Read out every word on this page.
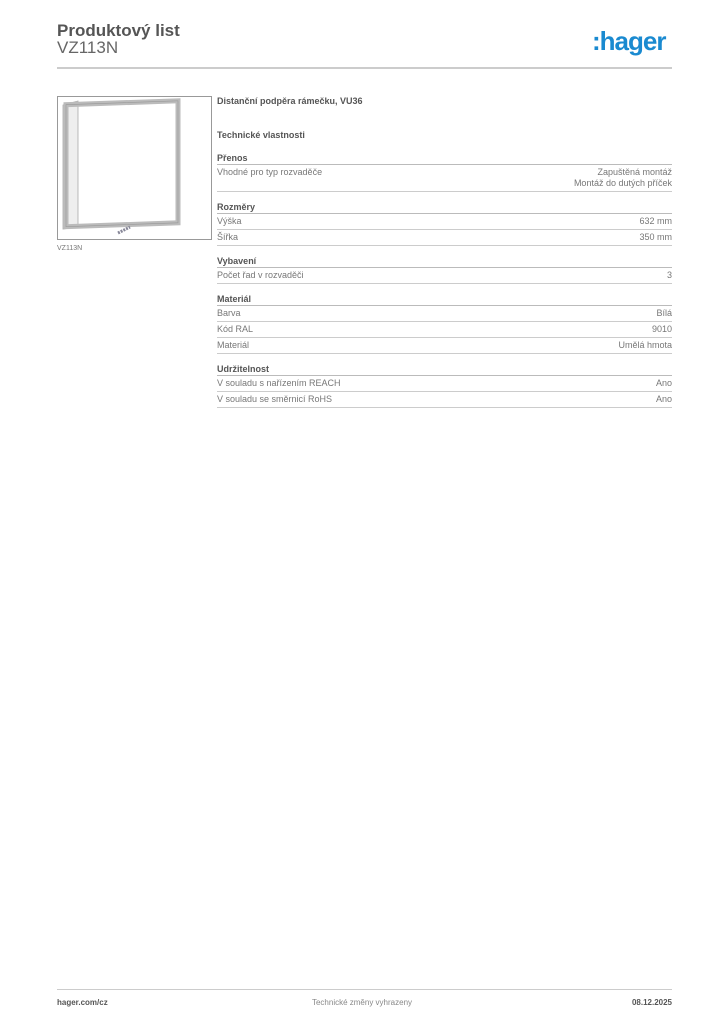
Produktový list
VZ113N	:hager
VZ113N
Distanční podpěra rámečku, VU36
Technické vlastnosti
Přenos
Vhodné pro typ rozvaděče	Zapuštěná montáž
Montáž do dutých příček
Rozměry
Výška	632 mm
Šířka	350 mm
Vybavení
Počet řad v rozvaděči	3
Materiál
Barva	Bílá
Kód RAL	9010
Materiál	Umělá hmota
Udržitelnost
V souladu s nařízením REACH	Ano
V souladu se směrnicí RoHS	Ano
hager.com/cz	Technické změny vyhrazeny	08.12.2025
